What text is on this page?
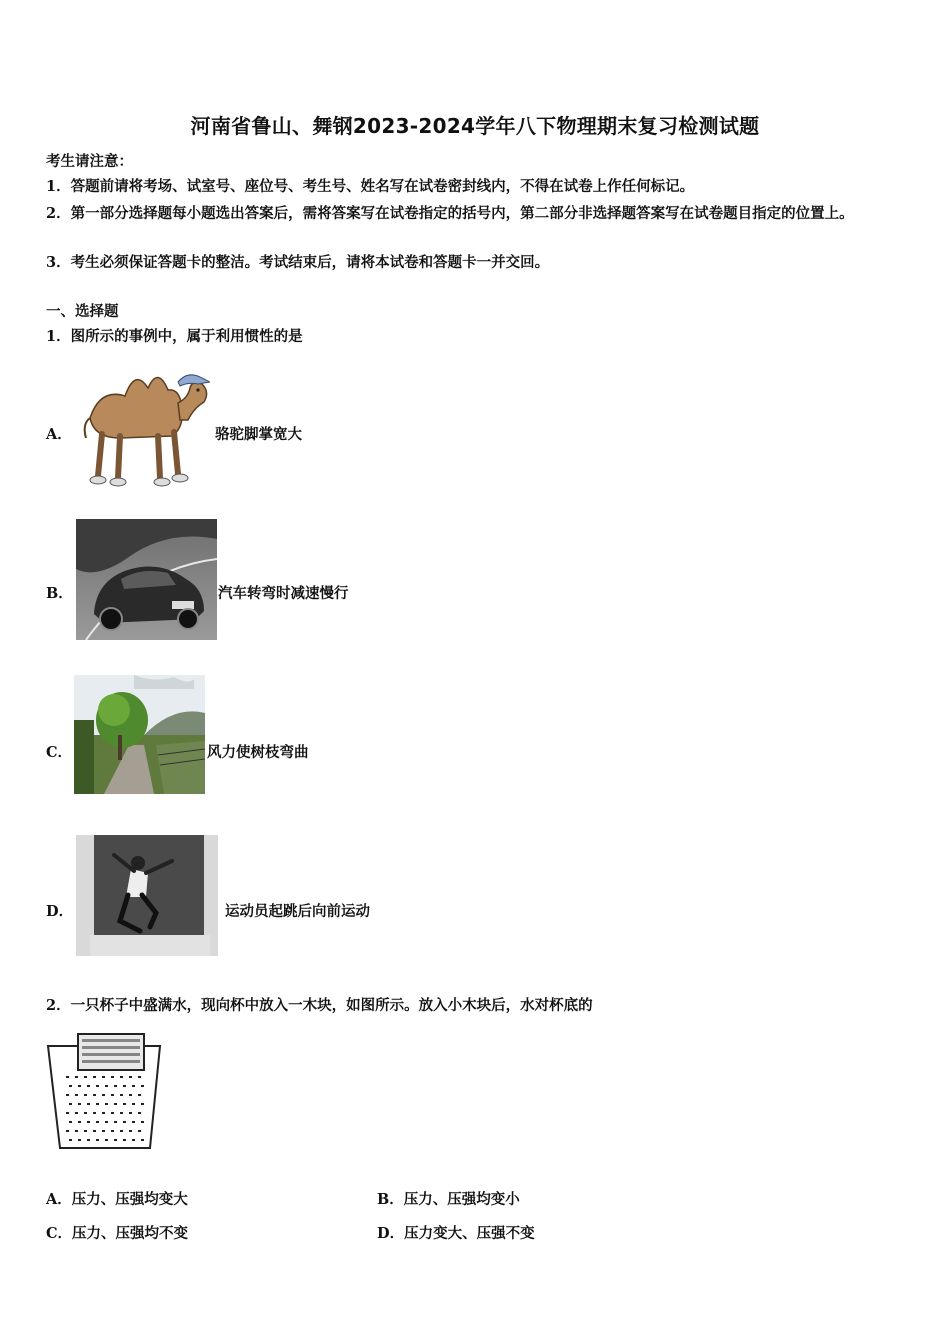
河南省鲁山、舞钢2023-2024学年八下物理期末复习检测试题
考生请注意：
1．答题前请将考场、试室号、座位号、考生号、姓名写在试卷密封线内，不得在试卷上作任何标记。
2．第一部分选择题每小题选出答案后，需将答案写在试卷指定的括号内，第二部分非选择题答案写在试卷题目指定的位置上。
3．考生必须保证答题卡的整洁。考试结束后，请将本试卷和答题卡一并交回。
一、选择题
1．图所示的事例中，属于利用惯性的是
A．	骆驼脚掌宽大
B．	汽车转弯时减速慢行
C．	风力使树枝弯曲
D．	运动员起跳后向前运动
2．一只杯子中盛满水，现向杯中放入一木块，如图所示。放入小木块后，水对杯底的
A．压力、压强均变大	B．压力、压强均变小
C．压力、压强均不变	D．压力变大、压强不变
